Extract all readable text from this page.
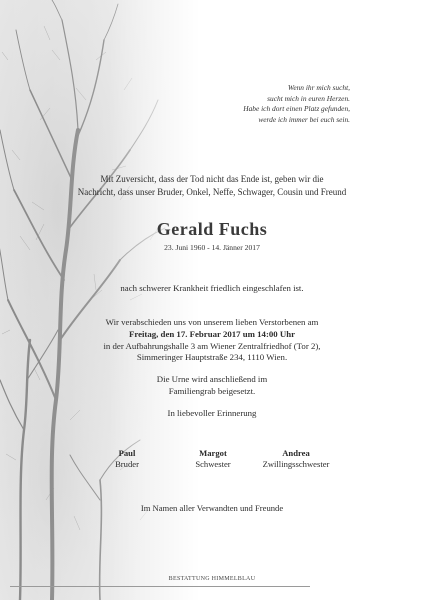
Wenn ihr mich sucht,
sucht mich in euren Herzen.
Habe ich dort einen Platz gefunden,
werde ich immer bei euch sein.
Mit Zuversicht, dass der Tod nicht das Ende ist, geben wir die
Nachricht, dass unser Bruder, Onkel, Neffe, Schwager, Cousin und Freund
Gerald Fuchs
23. Juni 1960 - 14. Jänner 2017
nach schwerer Krankheit friedlich eingeschlafen ist.
Wir verabschieden uns von unserem lieben Verstorbenen am
Freitag, den 17. Februar 2017 um 14:00 Uhr
in der Aufbahrungshalle 3 am Wiener Zentralfriedhof (Tor 2),
Simmeringer Hauptstraße 234, 1110 Wien.
Die Urne wird anschließend im
Familiengrab beigesetzt.
In liebevoller Erinnerung
Paul
Bruder
Margot
Schwester
Andrea
Zwillingsschwester
Im Namen aller Verwandten und Freunde
BESTATTUNG HIMMELBLAU
